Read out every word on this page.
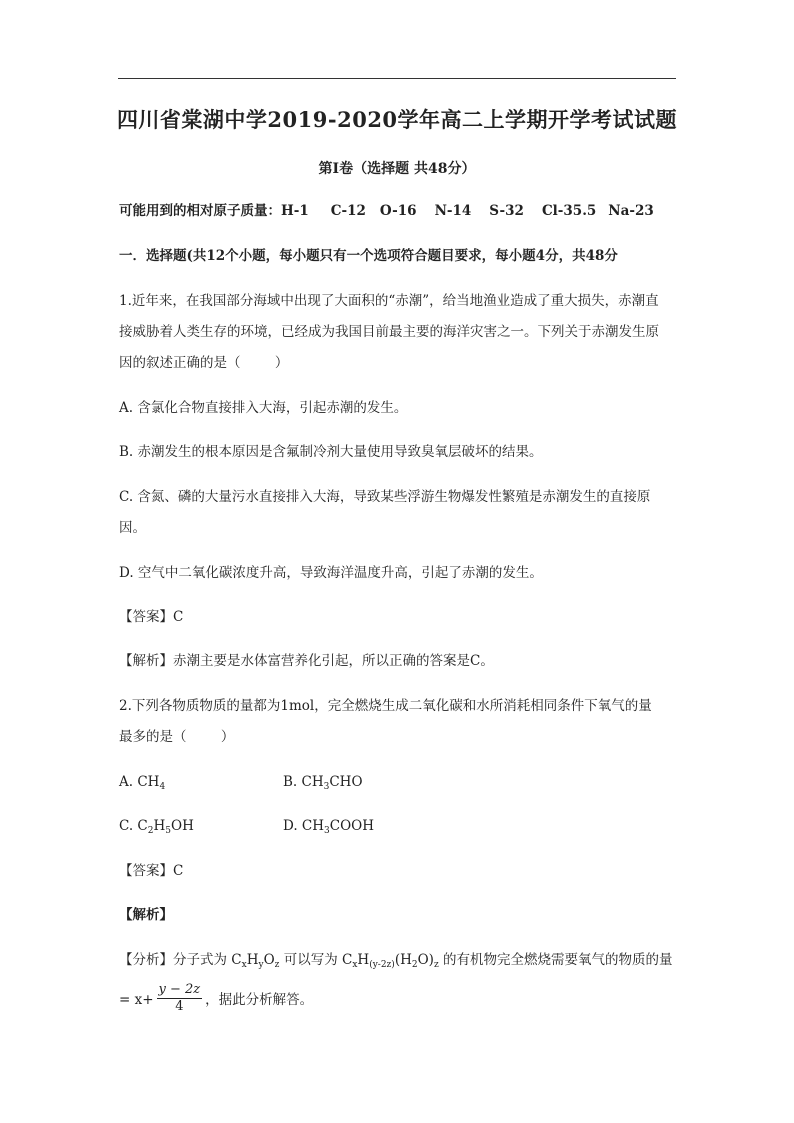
四川省棠湖中学2019-2020学年高二上学期开学考试试题
第Ⅰ卷（选择题 共48分）
可能用到的相对原子质量：H-1 C-12 O-16 N-14 S-32 Cl-35.5 Na-23
一．选择题(共12个小题，每小题只有一个选项符合题目要求，每小题4分，共48分
1.近年来，在我国部分海域中出现了大面积的“赤潮”，给当地渔业造成了重大损失，赤潮直
接威胁着人类生存的环境，已经成为我国目前最主要的海洋灾害之一。下列关于赤潮发生原
因的叙述正确的是（        ）
A. 含氯化合物直接排入大海，引起赤潮的发生。
B. 赤潮发生的根本原因是含氟制冷剂大量使用导致臭氧层破坏的结果。
C. 含氮、磷的大量污水直接排入大海，导致某些浮游生物爆发性繁殖是赤潮发生的直接原
因。
D. 空气中二氧化碳浓度升高，导致海洋温度升高，引起了赤潮的发生。
【答案】C
【解析】赤潮主要是水体富营养化引起，所以正确的答案是C。
2.下列各物质物质的量都为1mol，完全燃烧生成二氧化碳和水所消耗相同条件下氧气的量
最多的是（        ）
A. $CH_4$	B. $CH_3CHO$
C. $C_2H_5OH$	D. $CH_3COOH$
【答案】C
【解析】
【分析】分子式为 $C_xH_yO_z$ 可以写为 $C_xH_{(y-2z)}(H_2O)_z$ 的有机物完全燃烧需要氧气的物质的量
= $x+ \frac{y - 2z}{4}$ ，据此分析解答。
